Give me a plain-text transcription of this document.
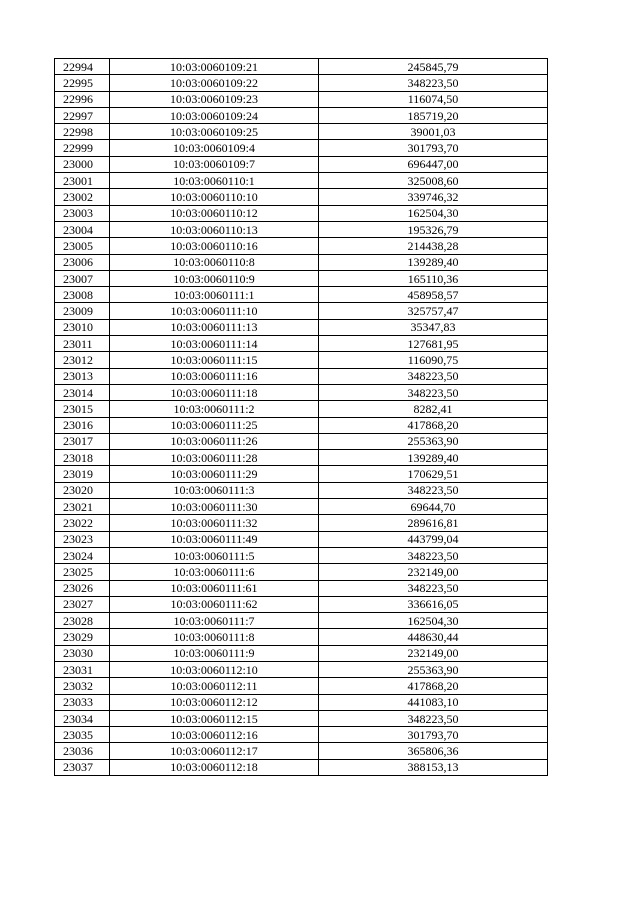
22994	10:03:0060109:21	245845,79
22995	10:03:0060109:22	348223,50
22996	10:03:0060109:23	116074,50
22997	10:03:0060109:24	185719,20
22998	10:03:0060109:25	39001,03
22999	10:03:0060109:4	301793,70
23000	10:03:0060109:7	696447,00
23001	10:03:0060110:1	325008,60
23002	10:03:0060110:10	339746,32
23003	10:03:0060110:12	162504,30
23004	10:03:0060110:13	195326,79
23005	10:03:0060110:16	214438,28
23006	10:03:0060110:8	139289,40
23007	10:03:0060110:9	165110,36
23008	10:03:0060111:1	458958,57
23009	10:03:0060111:10	325757,47
23010	10:03:0060111:13	35347,83
23011	10:03:0060111:14	127681,95
23012	10:03:0060111:15	116090,75
23013	10:03:0060111:16	348223,50
23014	10:03:0060111:18	348223,50
23015	10:03:0060111:2	8282,41
23016	10:03:0060111:25	417868,20
23017	10:03:0060111:26	255363,90
23018	10:03:0060111:28	139289,40
23019	10:03:0060111:29	170629,51
23020	10:03:0060111:3	348223,50
23021	10:03:0060111:30	69644,70
23022	10:03:0060111:32	289616,81
23023	10:03:0060111:49	443799,04
23024	10:03:0060111:5	348223,50
23025	10:03:0060111:6	232149,00
23026	10:03:0060111:61	348223,50
23027	10:03:0060111:62	336616,05
23028	10:03:0060111:7	162504,30
23029	10:03:0060111:8	448630,44
23030	10:03:0060111:9	232149,00
23031	10:03:0060112:10	255363,90
23032	10:03:0060112:11	417868,20
23033	10:03:0060112:12	441083,10
23034	10:03:0060112:15	348223,50
23035	10:03:0060112:16	301793,70
23036	10:03:0060112:17	365806,36
23037	10:03:0060112:18	388153,13
